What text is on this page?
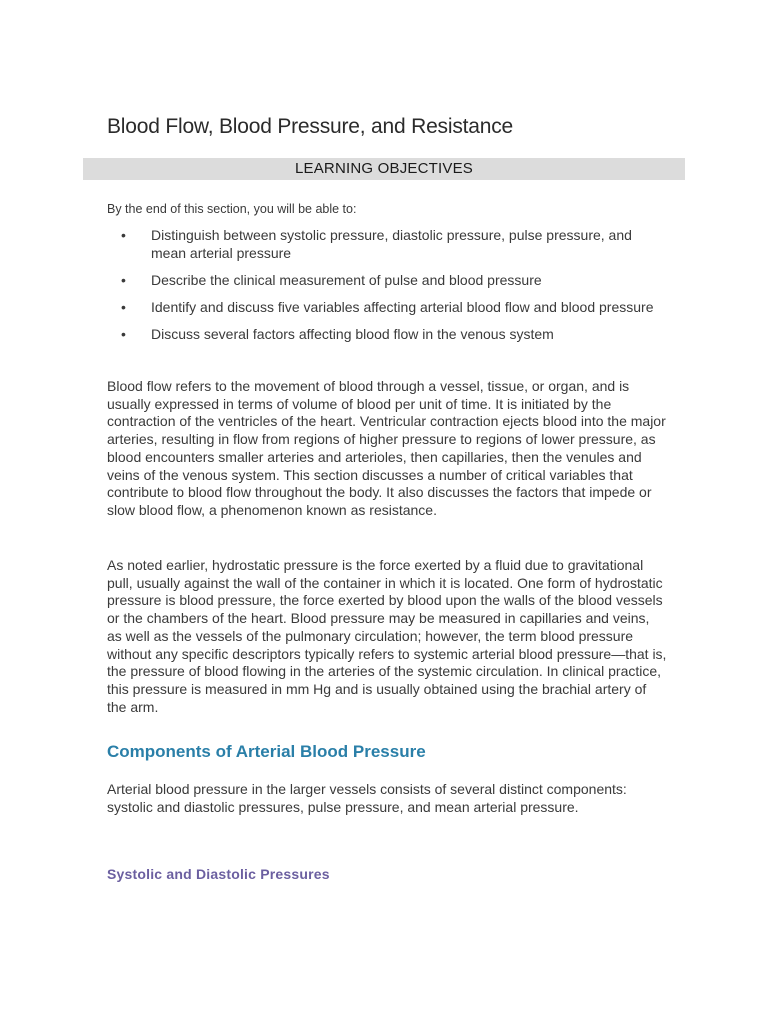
Blood Flow, Blood Pressure, and Resistance
LEARNING OBJECTIVES

By the end of this section, you will be able to:

•	Distinguish between systolic pressure, diastolic pressure, pulse pressure, and mean arterial pressure
•	Describe the clinical measurement of pulse and blood pressure
•	Identify and discuss five variables affecting arterial blood flow and blood pressure
•	Discuss several factors affecting blood flow in the venous system

Blood flow refers to the movement of blood through a vessel, tissue, or organ, and is usually expressed in terms of volume of blood per unit of time. It is initiated by the contraction of the ventricles of the heart. Ventricular contraction ejects blood into the major arteries, resulting in flow from regions of higher pressure to regions of lower pressure, as blood encounters smaller arteries and arterioles, then capillaries, then the venules and veins of the venous system. This section discusses a number of critical variables that contribute to blood flow throughout the body. It also discusses the factors that impede or slow blood flow, a phenomenon known as resistance.

As noted earlier, hydrostatic pressure is the force exerted by a fluid due to gravitational pull, usually against the wall of the container in which it is located. One form of hydrostatic pressure is blood pressure, the force exerted by blood upon the walls of the blood vessels or the chambers of the heart. Blood pressure may be measured in capillaries and veins, as well as the vessels of the pulmonary circulation; however, the term blood pressure without any specific descriptors typically refers to systemic arterial blood pressure—that is, the pressure of blood flowing in the arteries of the systemic circulation. In clinical practice, this pressure is measured in mm Hg and is usually obtained using the brachial artery of the arm.

Components of Arterial Blood Pressure

Arterial blood pressure in the larger vessels consists of several distinct components: systolic and diastolic pressures, pulse pressure, and mean arterial pressure.

Systolic and Diastolic Pressures
